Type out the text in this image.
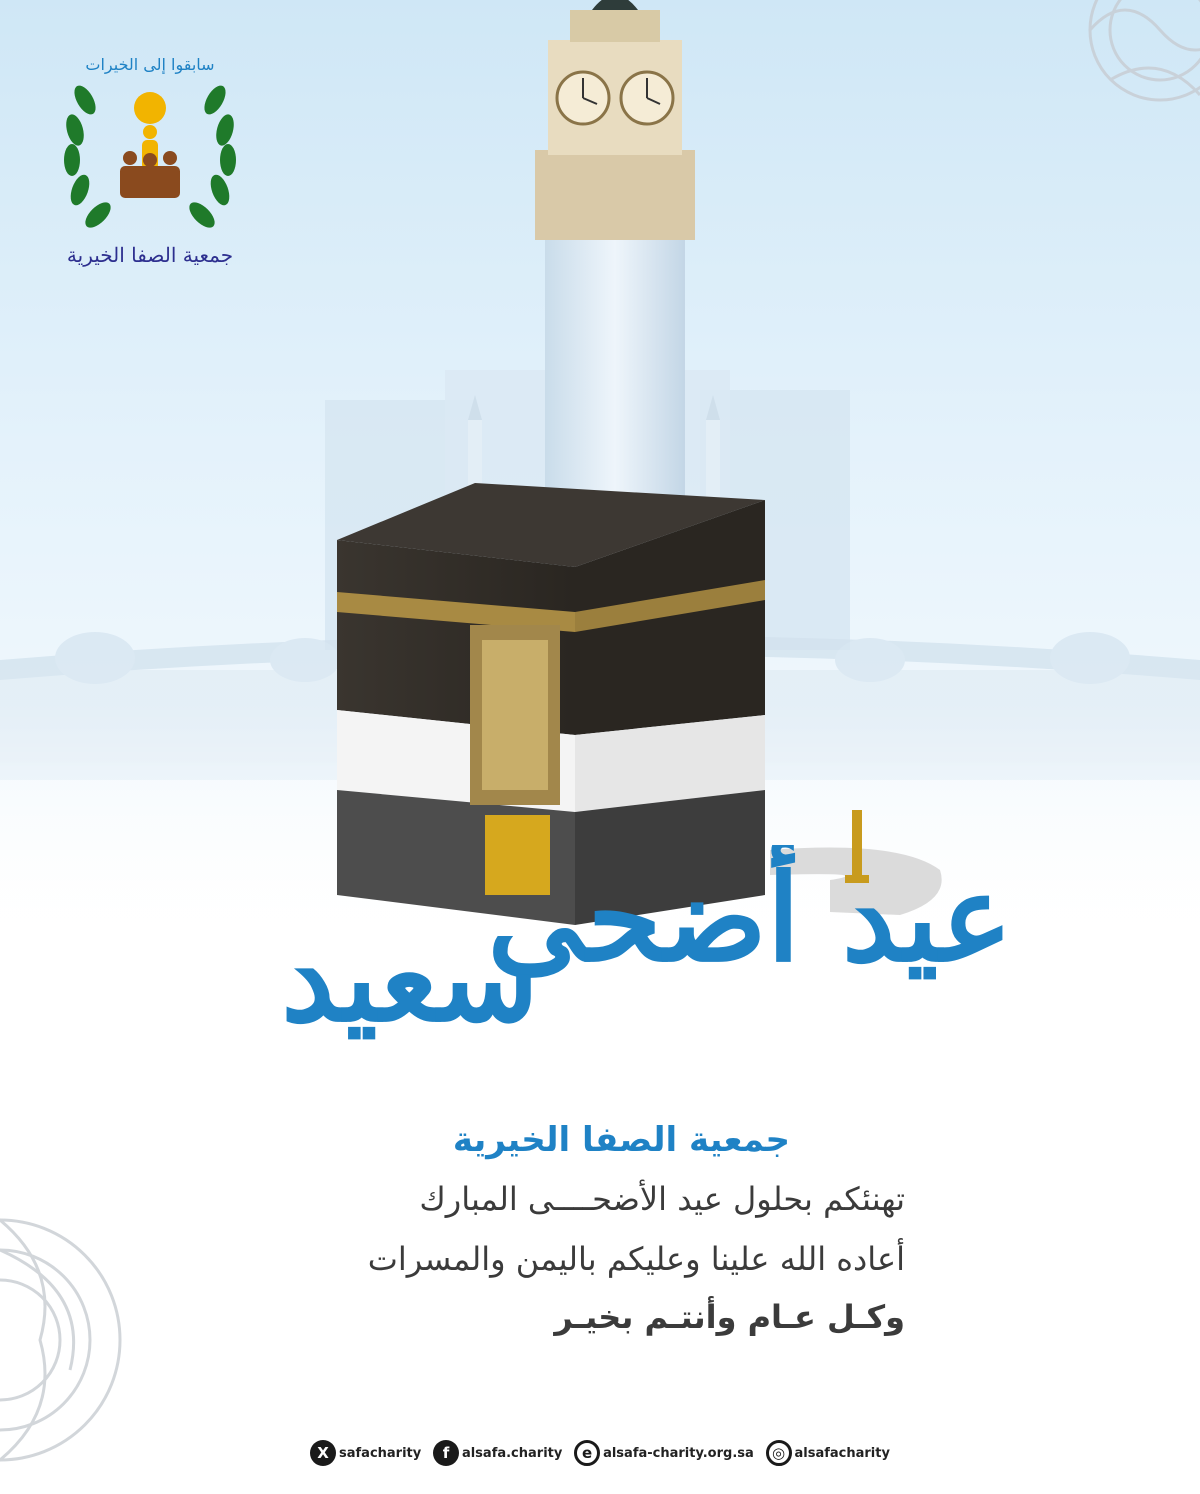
سابقوا إلى الخيرات
جمعية الصفا الخيرية
عيد أضحى
سعيد
جمعية الصفا الخيرية
تهنئكم بحلول عيد الأضحــــى المبارك
أعاده الله علينا وعليكم باليمن والمسرات
وكـل عـام وأنتـم بخيـر
X safacharity	f alsafa.charity	e alsafa-charity.org.sa	◎ alsafacharity
